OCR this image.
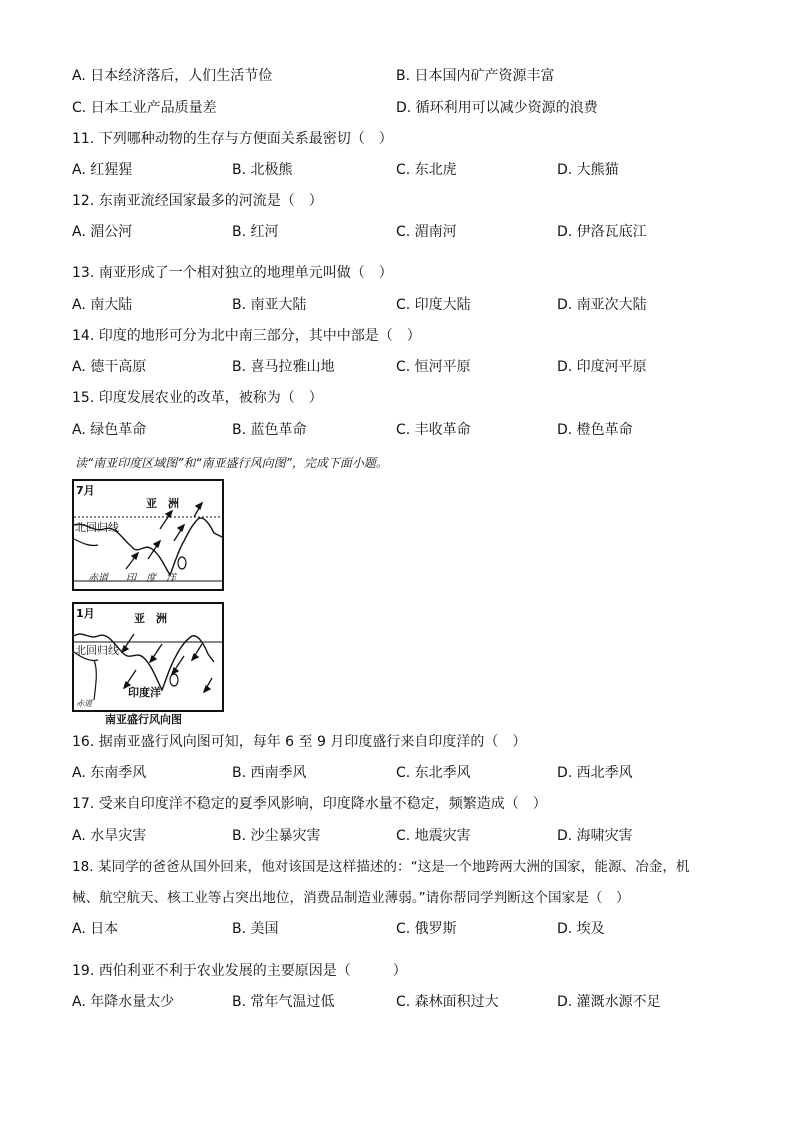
A. 日本经济落后，人们生活节俭	B. 日本国内矿产资源丰富
C. 日本工业产品质量差	D. 循环利用可以减少资源的浪费
11. 下列哪种动物的生存与方便面关系最密切（　）
A. 红猩猩	B. 北极熊	C. 东北虎	D. 大熊猫
12. 东南亚流经国家最多的河流是（　）
A. 湄公河	B. 红河	C. 湄南河	D. 伊洛瓦底江
13. 南亚形成了一个相对独立的地理单元叫做（　）
A. 南大陆	B. 南亚大陆	C. 印度大陆	D. 南亚次大陆
14. 印度的地形可分为北中南三部分，其中中部是（　）
A. 德干高原	B. 喜马拉雅山地	C. 恒河平原	D. 印度河平原
15. 印度发展农业的改革，被称为（　）
A. 绿色革命	B. 蓝色革命	C. 丰收革命	D. 橙色革命
读“南亚印度区域图”和“南亚盛行风向图”，完成下面小题。
7月
亚　洲
北回归线
赤道 印　度　洋
1月	亚　洲
北回归线
印度洋
赤道
南亚盛行风向图
16. 据南亚盛行风向图可知，每年 6 至 9 月印度盛行来自印度洋的（　）
A. 东南季风	B. 西南季风	C. 东北季风	D. 西北季风
17. 受来自印度洋不稳定的夏季风影响，印度降水量不稳定，频繁造成（　）
A. 水旱灾害	B. 沙尘暴灾害	C. 地震灾害	D. 海啸灾害
18. 某同学的爸爸从国外回来，他对该国是这样描述的：“这是一个地跨两大洲的国家，能源、冶金，机
械、航空航天、核工业等占突出地位，消费品制造业薄弱。”请你帮同学判断这个国家是（　）
A. 日本	B. 美国	C. 俄罗斯	D. 埃及
19. 西伯利亚不利于农业发展的主要原因是（　　　）
A. 年降水量太少	B. 常年气温过低	C. 森林面积过大	D. 灌溉水源不足
